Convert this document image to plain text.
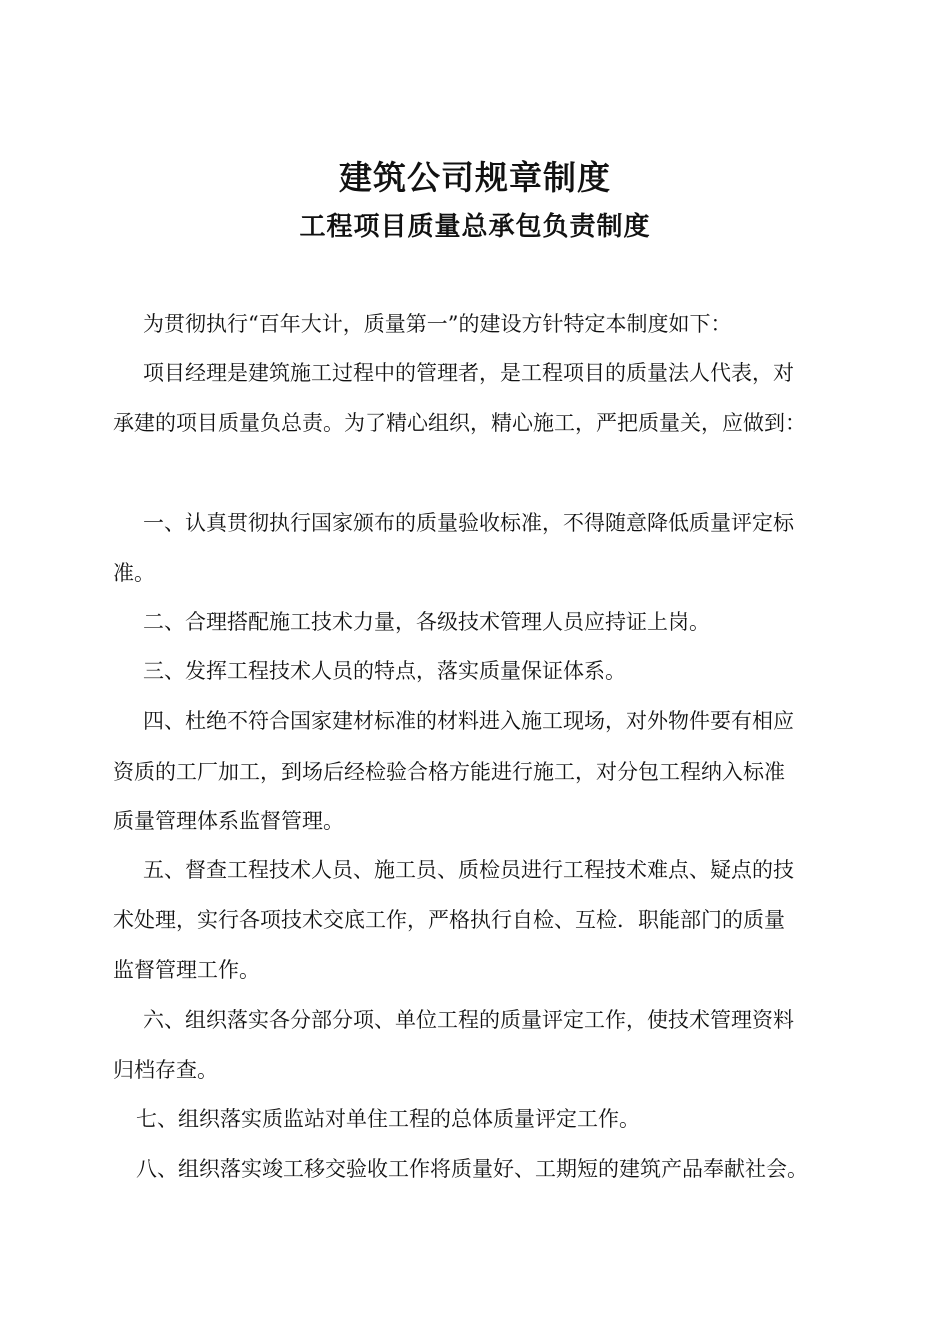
建筑公司规章制度
工程项目质量总承包负责制度
为贯彻执行“百年大计，质量第一”的建设方针特定本制度如下：
项目经理是建筑施工过程中的管理者，是工程项目的质量法人代表，对
承建的项目质量负总责。为了精心组织，精心施工，严把质量关，应做到：
一、认真贯彻执行国家颁布的质量验收标准，不得随意降低质量评定标
准。
二、合理搭配施工技术力量，各级技术管理人员应持证上岗。
三、发挥工程技术人员的特点，落实质量保证体系。
四、杜绝不符合国家建材标准的材料进入施工现场，对外物件要有相应
资质的工厂加工，到场后经检验合格方能进行施工，对分包工程纳入标准
质量管理体系监督管理。
五、督查工程技术人员、施工员、质检员进行工程技术难点、疑点的技
术处理，实行各项技术交底工作，严格执行自检、互检．职能部门的质量
监督管理工作。
六、组织落实各分部分项、单位工程的质量评定工作，使技术管理资料
归档存查。
七、组织落实质监站对单住工程的总体质量评定工作。
八、组织落实竣工移交验收工作将质量好、工期短的建筑产品奉献社会。
